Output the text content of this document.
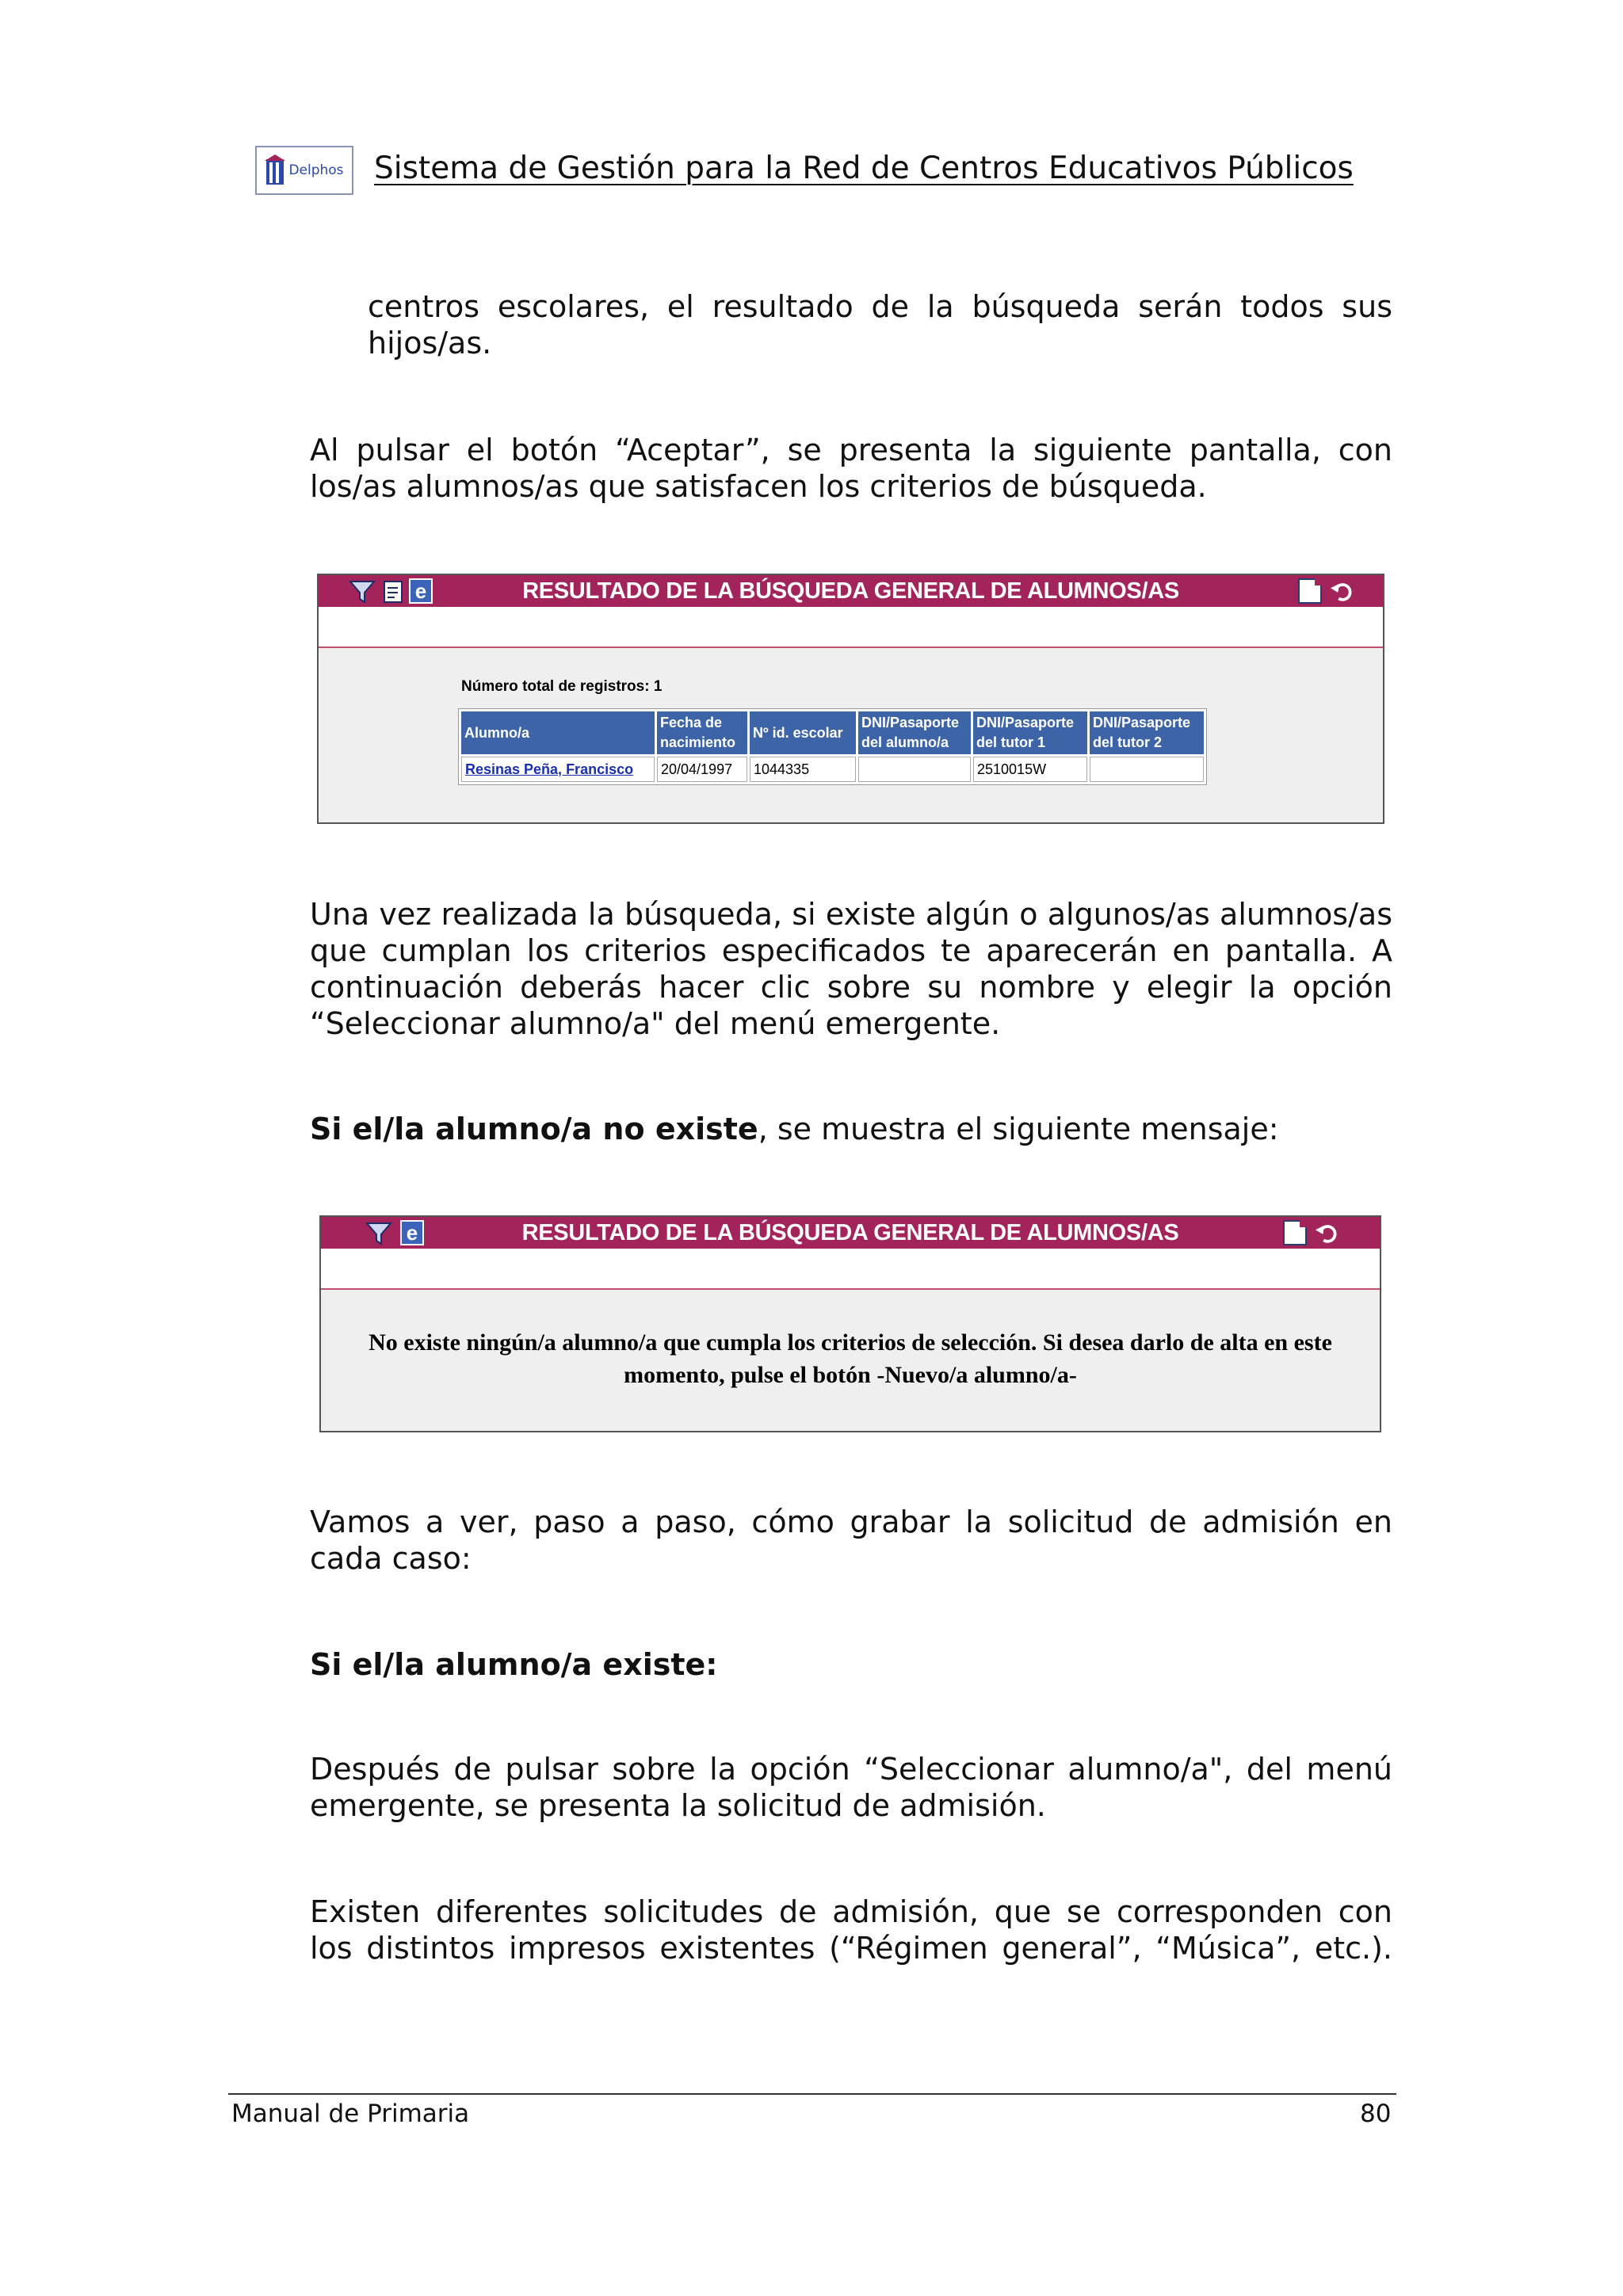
Delphos Sistema de Gestión para la Red de Centros Educativos Públicos
centros escolares, el resultado de la búsqueda serán todos sus hijos/as.
Al pulsar el botón “Aceptar”, se presenta la siguiente pantalla, con los/as alumnos/as que satisfacen los criterios de búsqueda.
e	RESULTADO DE LA BÚSQUEDA GENERAL DE ALUMNOS/AS
Número total de registros: 1
Alumno/a	Fecha de nacimiento	Nº id. escolar	DNI/Pasaporte del alumno/a	DNI/Pasaporte del tutor 1	DNI/Pasaporte del tutor 2
Resinas Peña, Francisco	20/04/1997	1044335		2510015W	
Una vez realizada la búsqueda, si existe algún o algunos/as alumnos/as que cumplan los criterios especificados te aparecerán en pantalla. A continuación deberás hacer clic sobre su nombre y elegir la opción “Seleccionar alumno/a" del menú emergente.
Si el/la alumno/a no existe, se muestra el siguiente mensaje:
e	RESULTADO DE LA BÚSQUEDA GENERAL DE ALUMNOS/AS
No existe ningún/a alumno/a que cumpla los criterios de selección. Si desea darlo de alta en este momento, pulse el botón -Nuevo/a alumno/a-
Vamos a ver, paso a paso, cómo grabar la solicitud de admisión en cada caso:
Si el/la alumno/a existe:
Después de pulsar sobre la opción “Seleccionar alumno/a", del menú emergente, se presenta la solicitud de admisión.
Existen diferentes solicitudes de admisión, que se corresponden con los distintos impresos existentes (“Régimen general”, “Música”, etc.).
Manual de Primaria	80
